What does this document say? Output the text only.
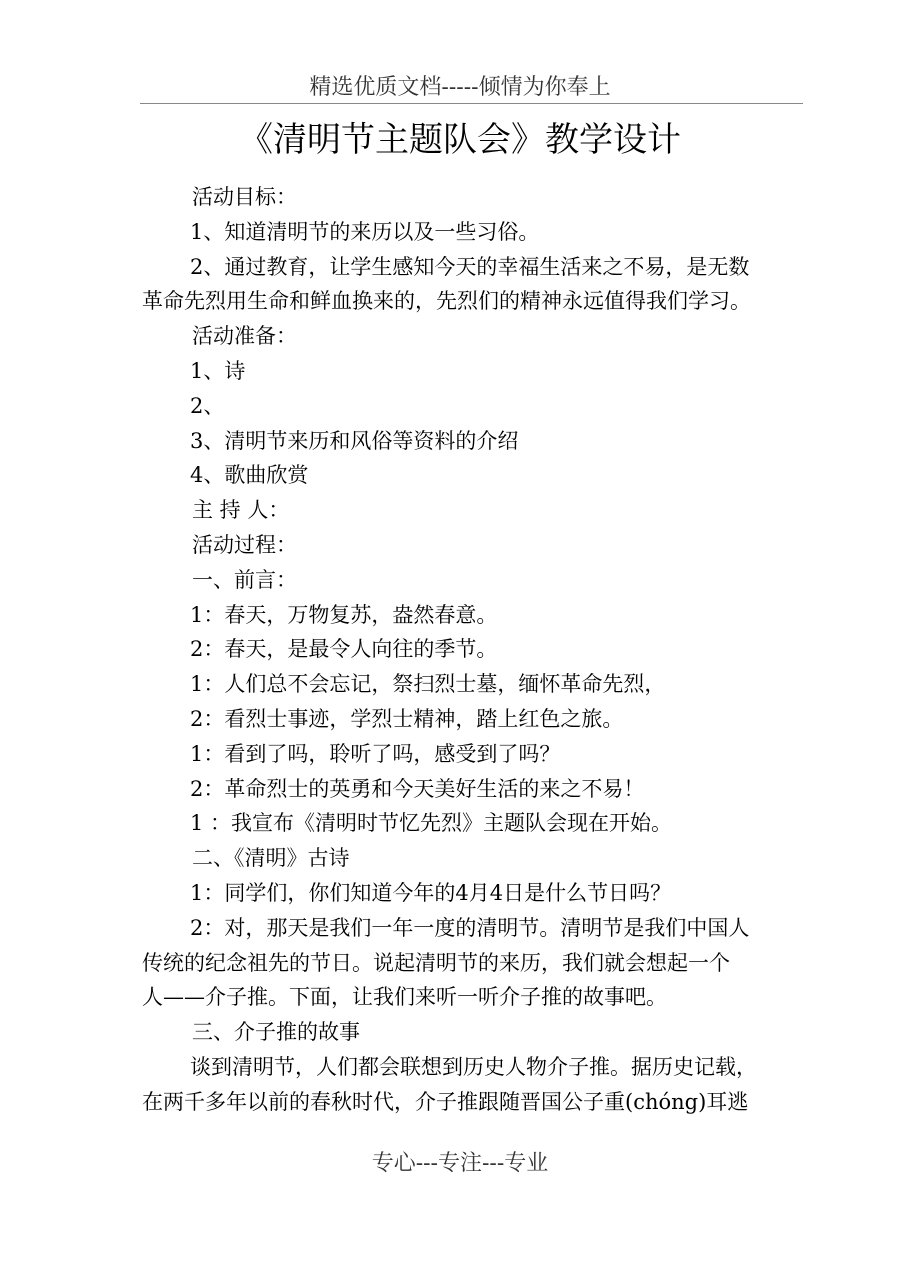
精选优质文档-----倾情为你奉上
《清明节主题队会》教学设计
活动目标：
1、知道清明节的来历以及一些习俗。
2、通过教育，让学生感知今天的幸福生活来之不易，是无数
革命先烈用生命和鲜血换来的，先烈们的精神永远值得我们学习。
活动准备：
1、诗
2、
3、清明节来历和风俗等资料的介绍
4、歌曲欣赏
主 持 人：
活动过程：
一、前言：
1：春天，万物复苏，盎然春意。
2：春天，是最令人向往的季节。
1：人们总不会忘记，祭扫烈士墓，缅怀革命先烈，
2：看烈士事迹，学烈士精神，踏上红色之旅。
1：看到了吗，聆听了吗，感受到了吗？
2：革命烈士的英勇和今天美好生活的来之不易！
1 ：我宣布《清明时节忆先烈》主题队会现在开始。
二、《清明》古诗
1：同学们，你们知道今年的4月4日是什么节日吗？
2：对，那天是我们一年一度的清明节。清明节是我们中国人
传统的纪念祖先的节日。说起清明节的来历，我们就会想起一个
人——介子推。下面，让我们来听一听介子推的故事吧。
三、介子推的故事
谈到清明节，人们都会联想到历史人物介子推。据历史记载，
在两千多年以前的春秋时代，介子推跟随晋国公子重(chóng)耳逃
专心---专注---专业
